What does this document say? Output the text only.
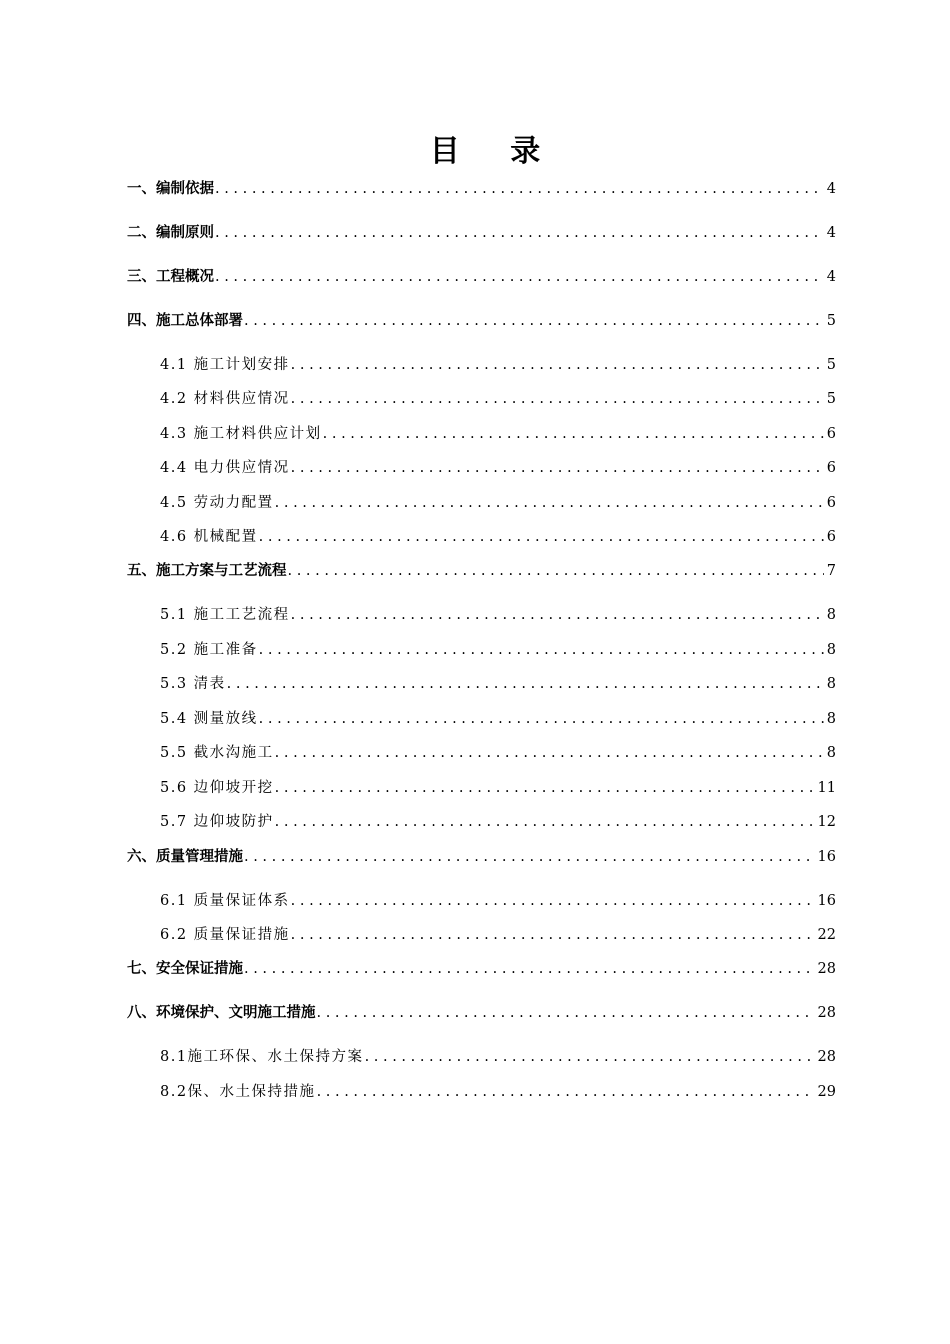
目 录
一、编制依据 .....	4
二、编制原则 .....	4
三、工程概况 .....	4
四、施工总体部署 .....	5
4.1 施工计划安排 .....	5
4.2 材料供应情况 .....	5
4.3 施工材料供应计划 .....	6
4.4 电力供应情况 .....	6
4.5 劳动力配置 .....	6
4.6 机械配置 .....	6
五、施工方案与工艺流程 .....	7
5.1 施工工艺流程 .....	8
5.2 施工准备 .....	8
5.3 清表 .....	8
5.4 测量放线 .....	8
5.5 截水沟施工 .....	8
5.6 边仰坡开挖 .....	11
5.7 边仰坡防护 .....	12
六、质量管理措施 .....	16
6.1 质量保证体系 .....	16
6.2 质量保证措施 .....	22
七、安全保证措施 .....	28
八、环境保护、文明施工措施 .....	28
8.1施工环保、水土保持方案 .....	28
8.2保、水土保持措施 .....	29
